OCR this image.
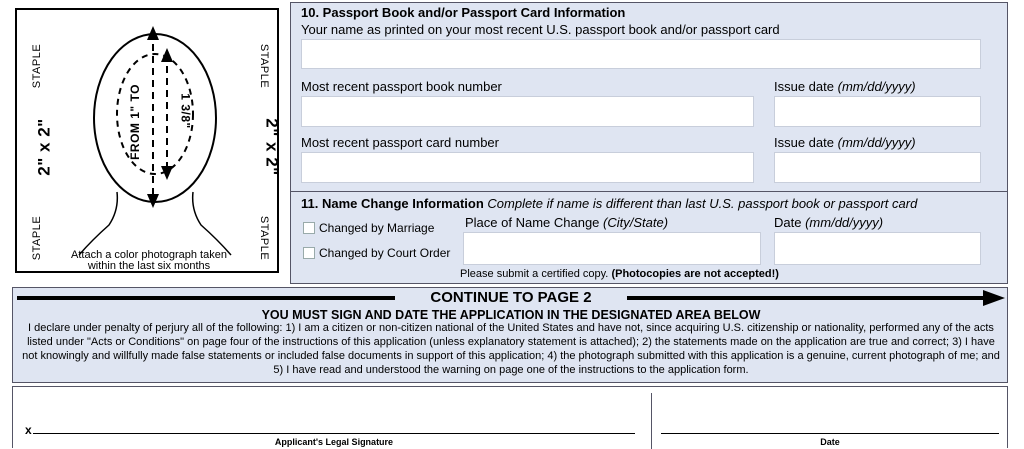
STAPLE
STAPLE
STAPLE
STAPLE
2" x 2"	2" x 2"
FROM 1" TO	1 3/8"
Attach a color photograph taken
within the last six months
10. Passport Book and/or Passport Card Information
Your name as printed on your most recent U.S. passport book and/or passport card
Most recent passport book number	Issue date (mm/dd/yyyy)
Most recent passport card number	Issue date (mm/dd/yyyy)
11. Name Change Information Complete if name is different than last U.S. passport book or passport card
Changed by Marriage
Changed by Court Order
Place of Name Change (City/State)	Date (mm/dd/yyyy)
Please submit a certified copy. (Photocopies are not accepted!)
CONTINUE TO PAGE 2
YOU MUST SIGN AND DATE THE APPLICATION IN THE DESIGNATED AREA BELOW
I declare under penalty of perjury all of the following: 1) I am a citizen or non-citizen national of the United States and have not, since acquiring U.S. citizenship or nationality, performed any of the acts listed under "Acts or Conditions" on page four of the instructions of this application (unless explanatory statement is attached); 2) the statements made on the application are true and correct; 3) I have not knowingly and willfully made false statements or included false documents in support of this application; 4) the photograph submitted with this application is a genuine, current photograph of me; and 5) I have read and understood the warning on page one of the instructions to the application form.
x
Applicant's Legal Signature	Date
